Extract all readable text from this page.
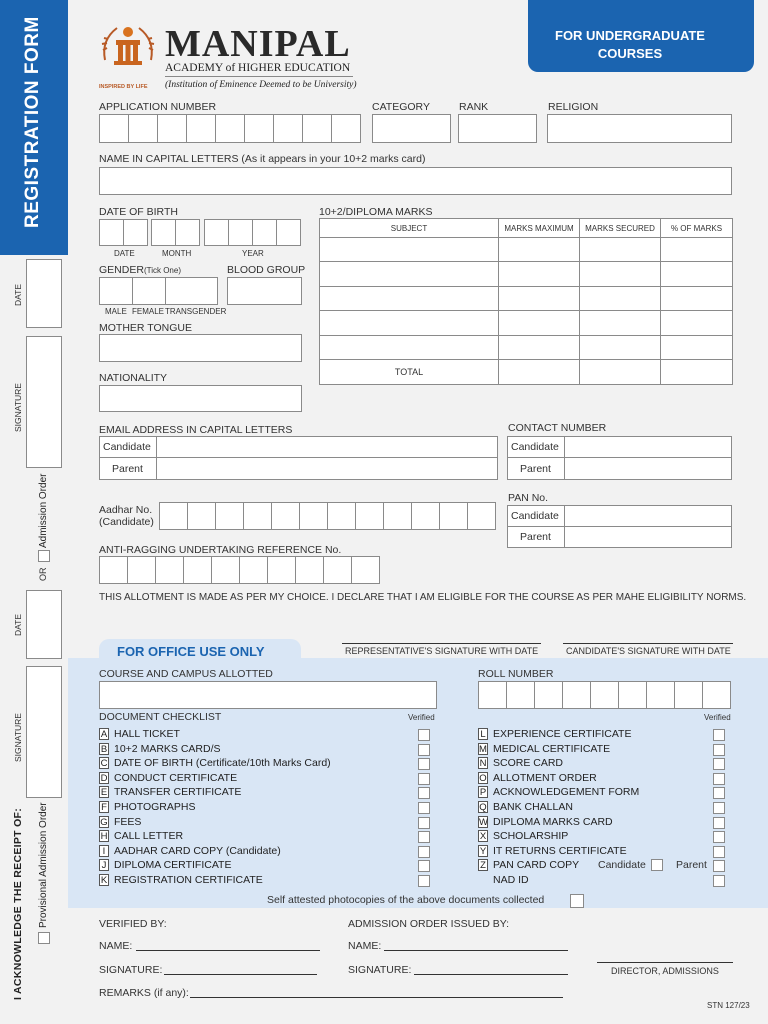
REGISTRATION FORM
DATE
SIGNATURE
Admission Order
OR
DATE
SIGNATURE
Provisional Admission Order
I ACKNOWLEDGE THE RECEIPT OF:
INSPIRED BY LIFE
MANIPAL
ACADEMY of HIGHER EDUCATION
(Institution of Eminence Deemed to be University)
FOR UNDERGRADUATE COURSES
APPLICATION NUMBER	CATEGORY	RANK	RELIGION
NAME IN CAPITAL LETTERS (As it appears in your 10+2 marks card)
DATE OF BIRTH
DATE	MONTH	YEAR
GENDER(Tick One)
MALE FEMALE TRANSGENDER
BLOOD GROUP
MOTHER TONGUE
NATIONALITY
10+2/DIPLOMA MARKS
SUBJECT	MARKS MAXIMUM	MARKS SECURED	% OF MARKS

TOTAL			
EMAIL ADDRESS IN CAPITAL LETTERS
Candidate
Parent
CONTACT NUMBER
Candidate
Parent
Aadhar No.
(Candidate)
PAN No.
Candidate
Parent
ANTI-RAGGING UNDERTAKING REFERENCE No.
THIS ALLOTMENT IS MADE AS PER MY CHOICE. I DECLARE THAT I AM ELIGIBLE FOR THE COURSE AS PER MAHE ELIGIBILITY NORMS.
FOR OFFICE USE ONLY	REPRESENTATIVE'S SIGNATURE WITH DATE	CANDIDATE'S SIGNATURE WITH DATE
COURSE AND CAMPUS ALLOTTED	ROLL NUMBER
DOCUMENT CHECKLIST	Verified	Verified
A HALL TICKET
B 10+2 MARKS CARD/S
C DATE OF BIRTH (Certificate/10th Marks Card)
D CONDUCT CERTIFICATE
E TRANSFER CERTIFICATE
F PHOTOGRAPHS
G FEES
H CALL LETTER
I AADHAR CARD COPY (Candidate)
J DIPLOMA CERTIFICATE
K REGISTRATION CERTIFICATE
L EXPERIENCE CERTIFICATE
M MEDICAL CERTIFICATE
N SCORE CARD
O ALLOTMENT ORDER
P ACKNOWLEDGEMENT FORM
Q BANK CHALLAN
W DIPLOMA MARKS CARD
X SCHOLARSHIP
Y IT RETURNS CERTIFICATE
Z PAN CARD COPY
NAD ID
Candidate	Parent
Self attested photocopies of the above documents collected
VERIFIED BY:	ADMISSION ORDER ISSUED BY:
NAME:	NAME:
SIGNATURE:	SIGNATURE:	DIRECTOR, ADMISSIONS
REMARKS (if any):
STN 127/23
